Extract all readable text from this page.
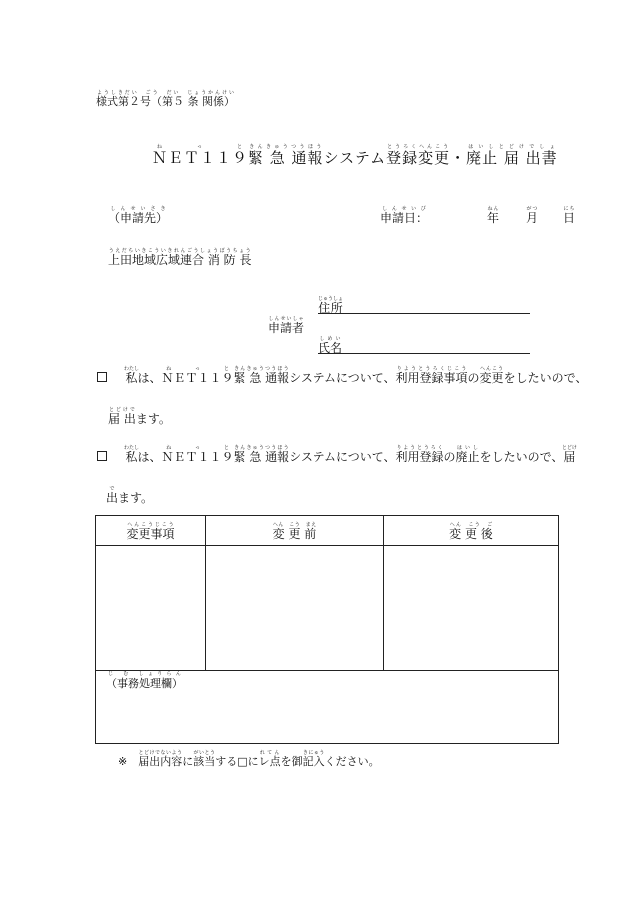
様式第２号（第５ 条 関係）ようしきだい　ごう　だい　じょうかんけい
ＮＥＴ１１９ね　っ　と緊 急 通報きんきゅうつうほうシステム登録変更とうろくへんこう・廃止 届 出書はいしとどけでしょ
（申請先）しんせいさき
申請日：しんせいび
年ねん
月がつ
日にち
上田地域広域連合 消 防 長うえだちいきこういきれんごうしょうぼうちょう
住所じゅうしょ
申請者しんせいしゃ
氏名しめい
私わたしは、ＮＥＴ１１９ね　っ　と緊 急 通報きんきゅうつうほうシステムについて、利用登録事項りようとうろくじこうの変更へんこうをしたいので、
届 出とどけでます。
私わたしは、ＮＥＴ１１９ね　っ　と緊 急 通報きんきゅうつうほうシステムについて、利用登録りようとうろくの廃止はいしをしたいので、届とどけ
出でます。
変更事項へんこうじこう	変 更 前へん　こう　まえ	変 更 後へん　こう　ご

（事務処理欄）じ む しょりらん		
※　 届出内容とどけでないように該当がいとうする□にレ点れてんを御記入きにゅうください。
